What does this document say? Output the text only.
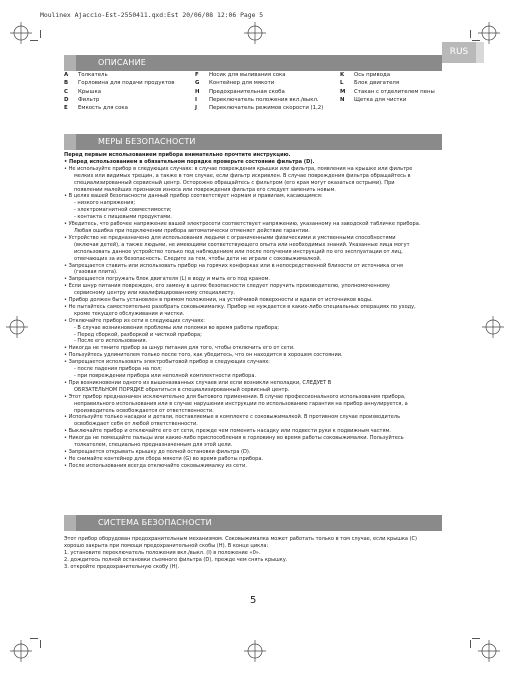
Moulinex Ajaccio-Est-2550411.qxd:Est 20/06/08 12:06 Page 5
RUS
ОПИСАНИЕ
A Толкатель
B Горловина для подачи продуктов
C Крышка
D Фильтр
E Емкость для сока
F Носик для выливания сока
G Контейнер для мякоти
H Предохранительная скоба
I Переключатель положения вкл./выкл.
J Переключатель режимов скорости (1,2)
K Ось привода
L Блок двигателя
M Стакан с отделителем пены
N Щетка для чистки
МЕРЫ БЕЗОПАСНОСТИ

Перед первым использованием прибора внимательно прочтите инструкцию.

• Перед использованием в обязательном порядке проверьте состояние фильтра (D).

• Не используйте прибор в следующих случаях: в случае повреждения крышки или фильтра, появления на крышке или фильтре

мелких или видимых трещин, а также в том случае, если фильтр искривлен. В случае повреждения фильтра обращайтесь в

специализированный сервисный центр. Осторожно обращайтесь с фильтром (его края могут оказаться острыми). При

появлении малейших признаков износа или повреждения фильтра его следует заменить новым.

• В целях вашей безопасности данный прибор соответствует нормам и правилам, касающимся:

- низкого напряжения;

- электромагнитной совместимости;

- контакта с пищевыми продуктами.

• Убедитесь, что рабочее напряжение вашей электросети соответствует напряжению, указанному на заводской табличке прибора.

Любая ошибка при подключении прибора автоматически отменяет действие гарантии.

• Устройство не предназначено для использования людьми с ограниченными физическими и умственными способностями

(включая детей), а также людьми, не имеющими соответствующего опыта или необходимых знаний. Указанные лица могут

использовать данное устройство только под наблюдением или после получения инструкций по его эксплуатации от лиц,

отвечающих за их безопасность. Следите за тем, чтобы дети не играли с соковыжималкой.

• Запрещается ставить или использовать прибор на горячих конфорках или в непосредственной близости от источника огня

(газовая плита).

• Запрещается погружать блок двигателя (L) в воду и мыть его под краном.

• Если шнур питания поврежден, его замену в целях безопасности следует поручить производителю, уполномоченному

сервисному центру или квалифицированному специалисту.

• Прибор должен быть установлен в прямом положении, на устойчивой поверхности и вдали от источников воды.

• Не пытайтесь самостоятельно разобрать соковыжималку. Прибор не нуждается в каких-либо специальных операциях по уходу,

кроме текущего обслуживания и чистки.

• Отключайте прибор из сети в следующих случаях:

- В случае возникновения проблемы или поломки во время работы прибора;

- Перед сборкой, разборкой и чисткой прибора;

- После его использования.

• Никогда не тяните прибор за шнур питания для того, чтобы отключить его от сети.

• Пользуйтесь удлинителем только после того, как убедитесь, что он находится в хорошем состоянии.

• Запрещается использовать электробытовой прибор в следующих случаях:

- после падения прибора на пол;

- при повреждении прибора или неполной комплектности прибора.

• При возникновении одного из вышеназванных случаев или если возникли неполадки, СЛЕДУЕТ В

ОБЯЗАТЕЛЬНОМ ПОРЯДКЕ обратиться в специализированный сервисный центр.

• Этот прибор предназначен исключительно для бытового применения. В случае профессионального использования прибора,

неправильного использования или в случае нарушения инструкции по использованию гарантия на прибор аннулируется, а

производитель освобождается от ответственности.

• Используйте только насадки и детали, поставляемые в комплекте с соковыжималкой. В противном случае производитель

освобождает себя от любой ответственности.

• Выключайте прибор и отключайте его от сети, прежде чем поменять насадку или подвести руки к подвижным частям.

• Никогда не помещайте пальцы или какие-либо приспособления в горловину во время работы соковыжималки. Пользуйтесь

толкателем, специально предназначенным для этой цели.

• Запрещается открывать крышку до полной остановки фильтра (D).

• Не снимайте контейнер для сбора мякоти (G) во время работы прибора.

• После использования всегда отключайте соковыжималку из сети.

СИСТЕМА БЕЗОПАСНОСТИ

Этот прибор оборудован предохранительным механизмом. Соковыжималка может работать только в том случае, если крышка (C)

хорошо закрыта при помощи предохранительной скобы (H). В конце цикла:

1. установите переключатель положения вкл./выкл. (I) в положение «0».

2. дождитесь полной остановки съемного фильтра (D), прежде чем снять крышку.

3. откройте предохранительную скобу (H).

5
